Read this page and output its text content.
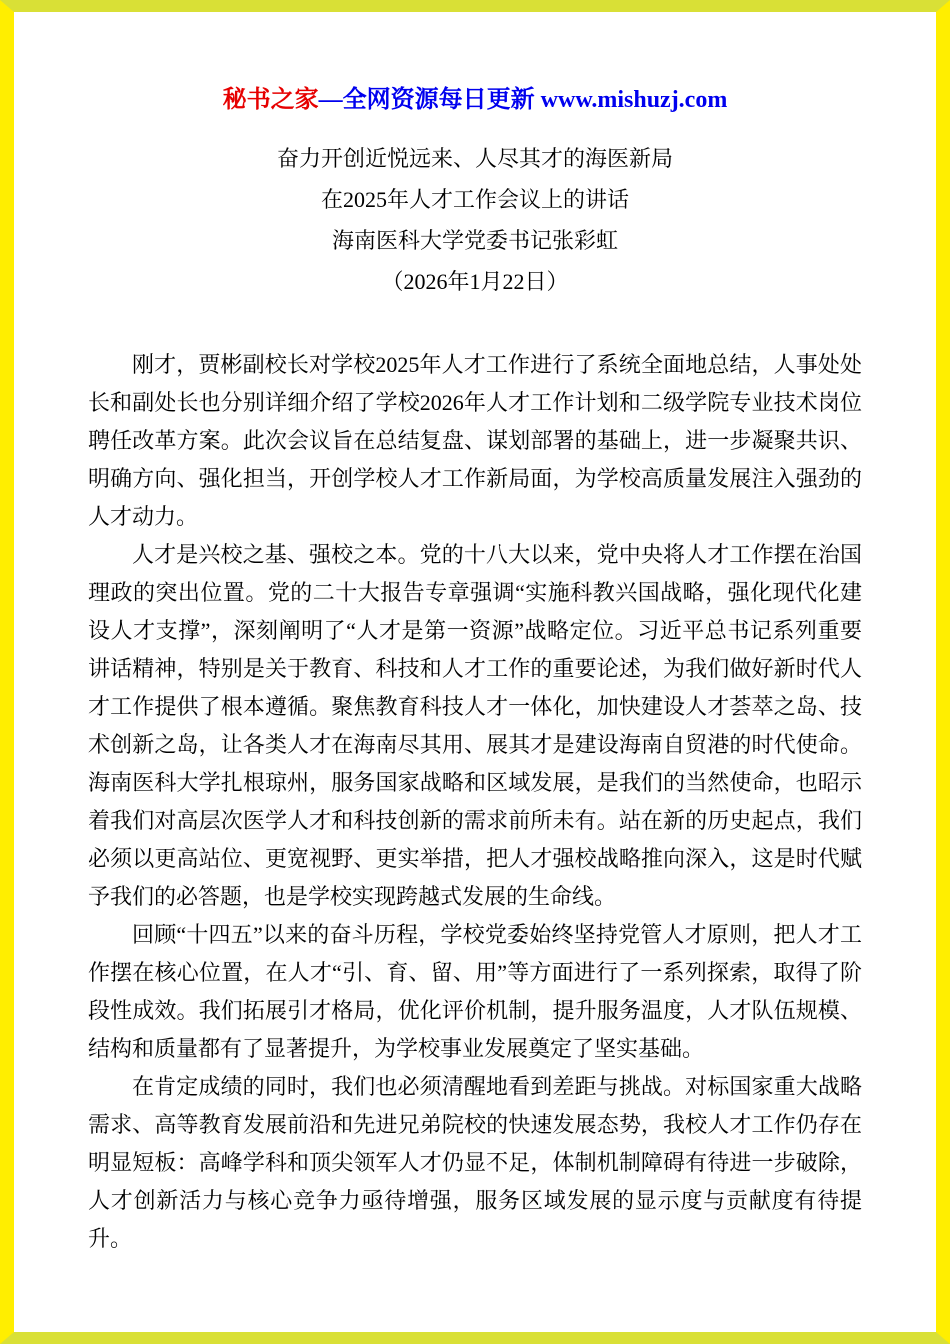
秘书之家—全网资源每日更新 www.mishuzj.com
奋力开创近悦远来、人尽其才的海医新局
在2025年人才工作会议上的讲话
海南医科大学党委书记张彩虹
（2026年1月22日）

刚才，贾彬副校长对学校2025年人才工作进行了系统全面地总结，人事处处长和副处长也分别详细介绍了学校2026年人才工作计划和二级学院专业技术岗位聘任改革方案。此次会议旨在总结复盘、谋划部署的基础上，进一步凝聚共识、明确方向、强化担当，开创学校人才工作新局面，为学校高质量发展注入强劲的人才动力。

人才是兴校之基、强校之本。党的十八大以来，党中央将人才工作摆在治国理政的突出位置。党的二十大报告专章强调“实施科教兴国战略，强化现代化建设人才支撑”，深刻阐明了“人才是第一资源”战略定位。习近平总书记系列重要讲话精神，特别是关于教育、科技和人才工作的重要论述，为我们做好新时代人才工作提供了根本遵循。聚焦教育科技人才一体化，加快建设人才荟萃之岛、技术创新之岛，让各类人才在海南尽其用、展其才是建设海南自贸港的时代使命。海南医科大学扎根琼州，服务国家战略和区域发展，是我们的当然使命，也昭示着我们对高层次医学人才和科技创新的需求前所未有。站在新的历史起点，我们必须以更高站位、更宽视野、更实举措，把人才强校战略推向深入，这是时代赋予我们的必答题，也是学校实现跨越式发展的生命线。

回顾“十四五”以来的奋斗历程，学校党委始终坚持党管人才原则，把人才工作摆在核心位置，在人才“引、育、留、用”等方面进行了一系列探索，取得了阶段性成效。我们拓展引才格局，优化评价机制，提升服务温度，人才队伍规模、结构和质量都有了显著提升，为学校事业发展奠定了坚实基础。

在肯定成绩的同时，我们也必须清醒地看到差距与挑战。对标国家重大战略需求、高等教育发展前沿和先进兄弟院校的快速发展态势，我校人才工作仍存在明显短板：高峰学科和顶尖领军人才仍显不足，体制机制障碍有待进一步破除，人才创新活力与核心竞争力亟待增强，服务区域发展的显示度与贡献度有待提升。
